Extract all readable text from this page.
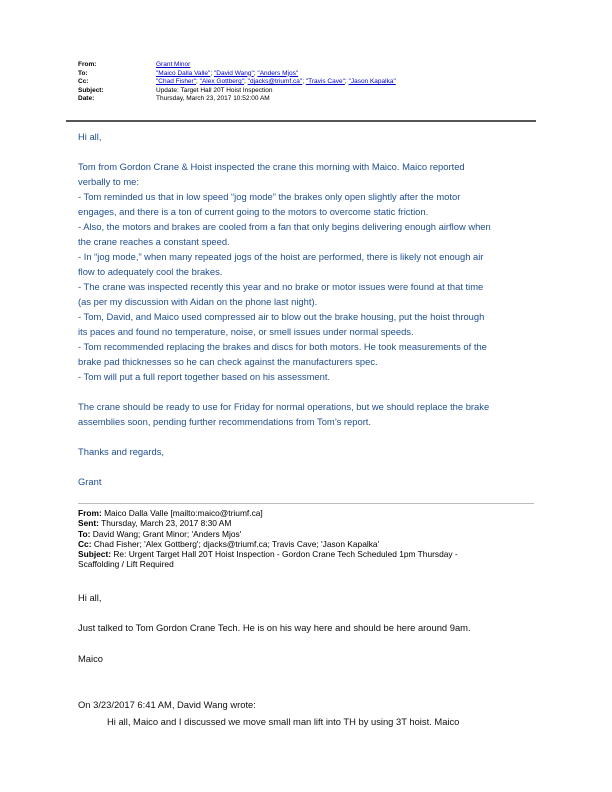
From:	Grant Minor
To:	"Maico Dalla Valle"; "David Wang"; "Anders Mjos"
Cc:	"Chad Fisher"; "Alex Gottberg"; "djacks@triumf.ca"; "Travis Cave"; "Jason Kapalka"
Subject:	Update: Target Hall 20T Hoist Inspection
Date:	Thursday, March 23, 2017 10:52:00 AM

Hi all,

Tom from Gordon Crane & Hoist inspected the crane this morning with Maico. Maico reported

verbally to me:

- Tom reminded us that in low speed “jog mode” the brakes only open slightly after the motor

engages, and there is a ton of current going to the motors to overcome static friction.

- Also, the motors and brakes are cooled from a fan that only begins delivering enough airflow when

the crane reaches a constant speed.

- In “jog mode,” when many repeated jogs of the hoist are performed, there is likely not enough air

flow to adequately cool the brakes.

- The crane was inspected recently this year and no brake or motor issues were found at that time

(as per my discussion with Aidan on the phone last night).

- Tom, David, and Maico used compressed air to blow out the brake housing, put the hoist through

its paces and found no temperature, noise, or smell issues under normal speeds.

- Tom recommended replacing the brakes and discs for both motors. He took measurements of the

brake pad thicknesses so he can check against the manufacturers spec.

- Tom will put a full report together based on his assessment.

The crane should be ready to use for Friday for normal operations, but we should replace the brake

assemblies soon, pending further recommendations from Tom’s report.

Thanks and regards,

Grant

From: Maico Dalla Valle [mailto:maico@triumf.ca]
Sent: Thursday, March 23, 2017 8:30 AM
To: David Wang; Grant Minor; 'Anders Mjos'
Cc: Chad Fisher; 'Alex Gottberg'; djacks@triumf.ca; Travis Cave; 'Jason Kapalka'
Subject: Re: Urgent Target Hall 20T Hoist Inspection - Gordon Crane Tech Scheduled 1pm Thursday -
Scaffolding / Lift Required

Hi all,

Just talked to Tom Gordon Crane Tech. He is on his way here and should be here around 9am.

Maico

On 3/23/2017 6:41 AM, David Wang wrote:

Hi all, Maico and I discussed we move small man lift into TH by using 3T hoist. Maico
